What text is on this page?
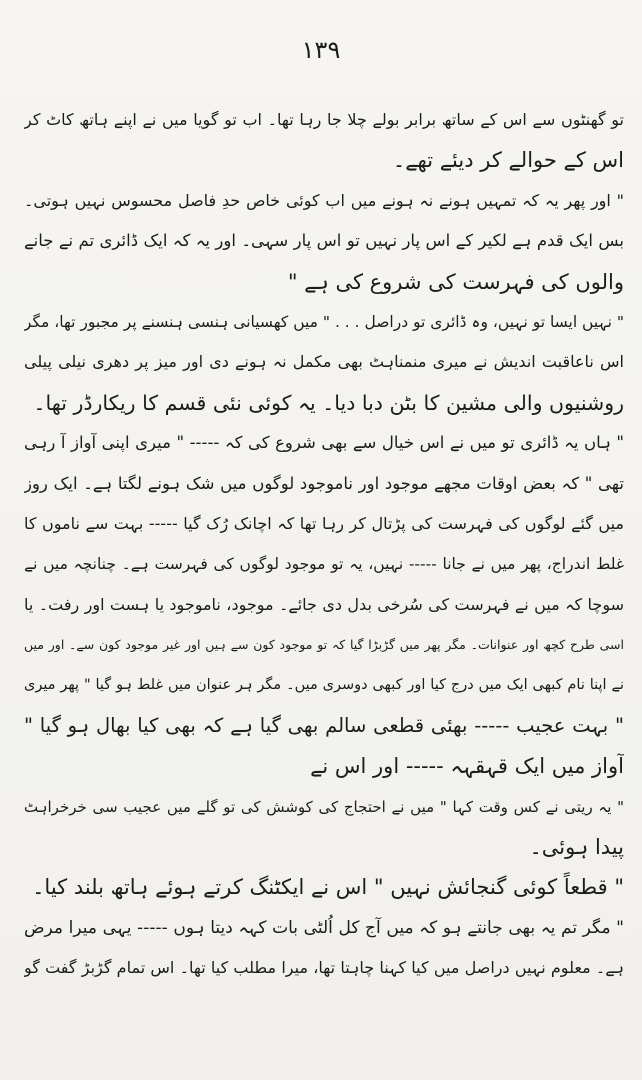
۱۳۹
تو گھنٹوں سے اس کے ساتھ برابر بولے چلا جا رہا تھا۔ اب تو گویا میں نے اپنے ہاتھ کاٹ کر
اس کے حوالے کر دیئے تھے۔
" اور پھر یہ کہ تمہیں ہونے نہ ہونے میں اب کوئی خاص حدِ فاصل محسوس نہیں ہوتی۔
بس ایک قدم ہے لکیر کے اس پار نہیں تو اس پار سہی۔ اور یہ کہ ایک ڈائری تم نے جانے
والوں کی فہرست کی شروع کی ہے "
" نہیں ایسا تو نہیں، وہ ڈائری تو دراصل . . . " میں کھسیانی ہنسی ہنسنے پر مجبور تھا، مگر
اس ناعاقبت اندیش نے میری منمناہٹ بھی مکمل نہ ہونے دی اور میز پر دھری نیلی پیلی
روشنیوں والی مشین کا بٹن دبا دیا۔ یہ کوئی نئی قسم کا ریکارڈر تھا۔
" ہاں یہ ڈائری تو میں نے اس خیال سے بھی شروع کی کہ ----- " میری اپنی آواز آ رہی
تھی " کہ بعض اوقات مجھے موجود اور ناموجود لوگوں میں شک ہونے لگتا ہے۔ ایک روز
میں گئے لوگوں کی فہرست کی پڑتال کر رہا تھا کہ اچانک رُک گیا ----- بہت سے ناموں کا
غلط اندراج، پھر میں نے جانا ----- نہیں، یہ تو موجود لوگوں کی فہرست ہے۔ چنانچہ میں نے
سوچا کہ میں نے فہرست کی سُرخی بدل دی جائے۔ موجود، ناموجود یا ہست اور رفت۔ یا
اسی طرح کچھ اور عنوانات۔ مگر پھر میں گڑبڑا گیا کہ تو موجود کون سے ہیں اور غیر موجود کون سے۔ اور میں
نے اپنا نام کبھی ایک میں درج کیا اور کبھی دوسری میں۔ مگر ہر عنوان میں غلط ہو گیا " پھر میری
" بہت عجیب ----- بھئی قطعی سالم بھی گیا ہے کہ بھی کیا بھال ہو گیا "
آواز میں ایک قہقہہ ----- اور اس نے
" یہ ریتی نے کس وقت کہا " میں نے احتجاج کی کوشش کی تو گلے میں عجیب سی خرخراہٹ
پیدا ہوئی۔
" قطعاً کوئی گنجائش نہیں " اس نے ایکٹنگ کرتے ہوئے ہاتھ بلند کیا۔
" مگر تم یہ بھی جانتے ہو کہ میں آج کل اُلٹی بات کہہ دیتا ہوں ----- یہی میرا مرض
ہے۔ معلوم نہیں دراصل میں کیا کہنا چاہتا تھا، میرا مطلب کیا تھا۔ اس تمام گڑبڑ گفت گو
